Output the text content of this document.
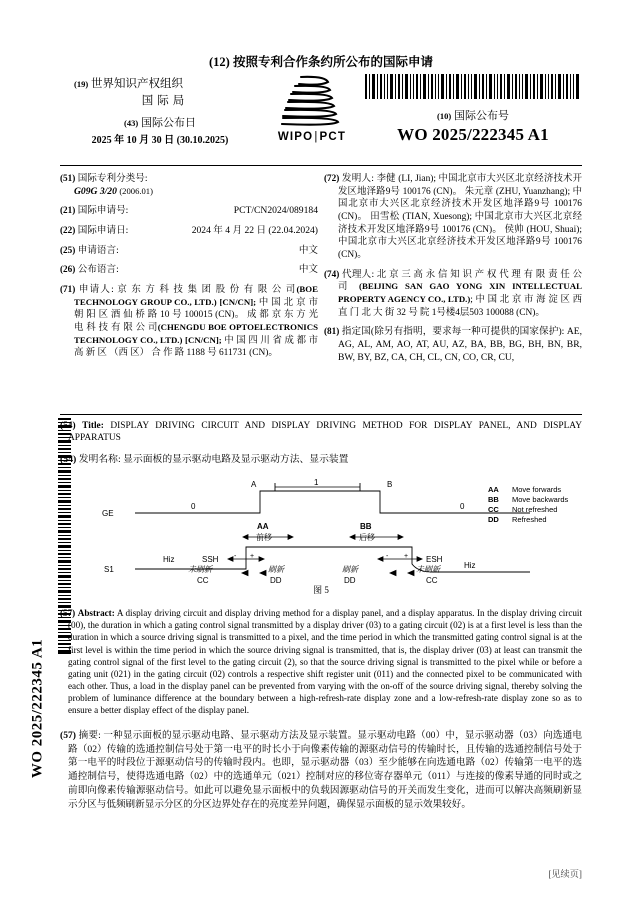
(12) 按照专利合作条约所公布的国际申请
(19) 世界知识产权组织
国际局
(43) 国际公布日
2025 年 10 月 30 日 (30.10.2025)	WIPO|PCT
(10) 国际公布号
WO 2025/222345 A1
(51) 国际专利分类号:
G09G 3/20 (2006.01)
(21) 国际申请号:	PCT/CN2024/089184
(22) 国际申请日:	2024 年 4 月 22 日 (22.04.2024)
(25) 申请语言:	中文
(26) 公布语言:	中文
(71) 申请人: 京 东 方 科 技 集 团 股 份 有 限 公 司(BOE TECHNOLOGY GROUP CO., LTD.) [CN/CN]; 中 国 北 京 市 朝 阳 区 酒 仙 桥 路 10 号 100015 (CN)。 成 都 京 东 方 光 电 科 技 有 限 公 司(CHENGDU BOE OPTOELECTRONICS TECHNOLOGY CO., LTD.) [CN/CN]; 中 国 四 川 省 成 都 市 高 新 区 （西 区） 合 作 路 1188 号 611731 (CN)。
(72) 发明人: 李健 (LI, Jian); 中国北京市大兴区北京经济技术开发区地泽路9号 100176 (CN)。 朱元章 (ZHU, Yuanzhang); 中国北京市大兴区北京经济技术开发区地泽路9号 100176 (CN)。 田雪松 (TIAN, Xuesong); 中国北京市大兴区北京经济技术开发区地泽路9号 100176 (CN)。 侯帅 (HOU, Shuai); 中国北京市大兴区北京经济技术开发区地泽路9号 100176 (CN)。
(74) 代理人: 北 京 三 高 永 信 知 识 产 权 代 理 有 限 责 任 公 司 (BEIJING SAN GAO YONG XIN INTELLECTUAL PROPERTY AGENCY CO., LTD.); 中 国 北 京 市 海 淀 区 西 直 门 北 大 街 32 号 院 1号楼4层503 100088 (CN)。
(81) 指定国(除另有指明，要求每一种可提供的国家保护): AE, AG, AL, AM, AO, AT, AU, AZ, BA, BB, BG, BH, BN, BR, BW, BY, BZ, CA, CH, CL, CN, CO, CR, CU,
(54) Title: DISPLAY DRIVING CIRCUIT AND DISPLAY DRIVING METHOD FOR DISPLAY PANEL, AND DISPLAY APPARATUS
(54) 发明名称: 显示面板的显示驱动电路及显示驱动方法、显示装置
GE
S1
0	0
1
A	B
AA
前移
BB
后移
Hiz
Hiz
SSH	ESH
- +	- +
未刷新
CC
刷新
DD
刷新
DD
未刷新
CC
AA Move forwards
BB Move backwards
CC Not refreshed
DD Refreshed
图 5
(57) Abstract: A display driving circuit and display driving method for a display panel, and a display apparatus. In the display driving circuit (00), the duration in which a gating control signal transmitted by a display driver (03) to a gating circuit (02) is at a first level is less than the duration in which a source driving signal is transmitted to a pixel, and the time period in which the transmitted gating control signal is at the first level is within the time period in which the source driving signal is transmitted, that is, the display driver (03) at least can transmit the gating control signal of the first level to the gating circuit (2), so that the source driving signal is transmitted to the pixel while or before a gating unit (021) in the gating circuit (02) controls a respective shift register unit (011) and the connected pixel to be communicated with each other. Thus, a load in the display panel can be prevented from varying with the on-off of the source driving signal, thereby solving the problem of luminance difference at the boundary between a high-refresh-rate display zone and a low-refresh-rate display zone so as to ensure a better display effect of the display panel.
(57) 摘要: 一种显示面板的显示驱动电路、显示驱动方法及显示装置。显示驱动电路（00）中，显示驱动器（03）向选通电路（02）传输的选通控制信号处于第一电平的时长小于向像素传输的源驱动信号的传输时长，且传输的选通控制信号处于第一电平的时段位于源驱动信号的传输时段内。也即，显示驱动器（03）至少能够在向选通电路（02）传输第一电平的选通控制信号，使得选通电路（02）中的选通单元（021）控制对应的移位寄存器单元（011）与连接的像素导通的同时或之前即向像素传输源驱动信号。如此可以避免显示面板中的负载因源驱动信号的开关而发生变化，进而可以解决高频刷新显示分区与低频刷新显示分区的分区边界处存在的亮度差异问题，确保显示面板的显示效果较好。
WO 2025/222345 A1
[见续页]
